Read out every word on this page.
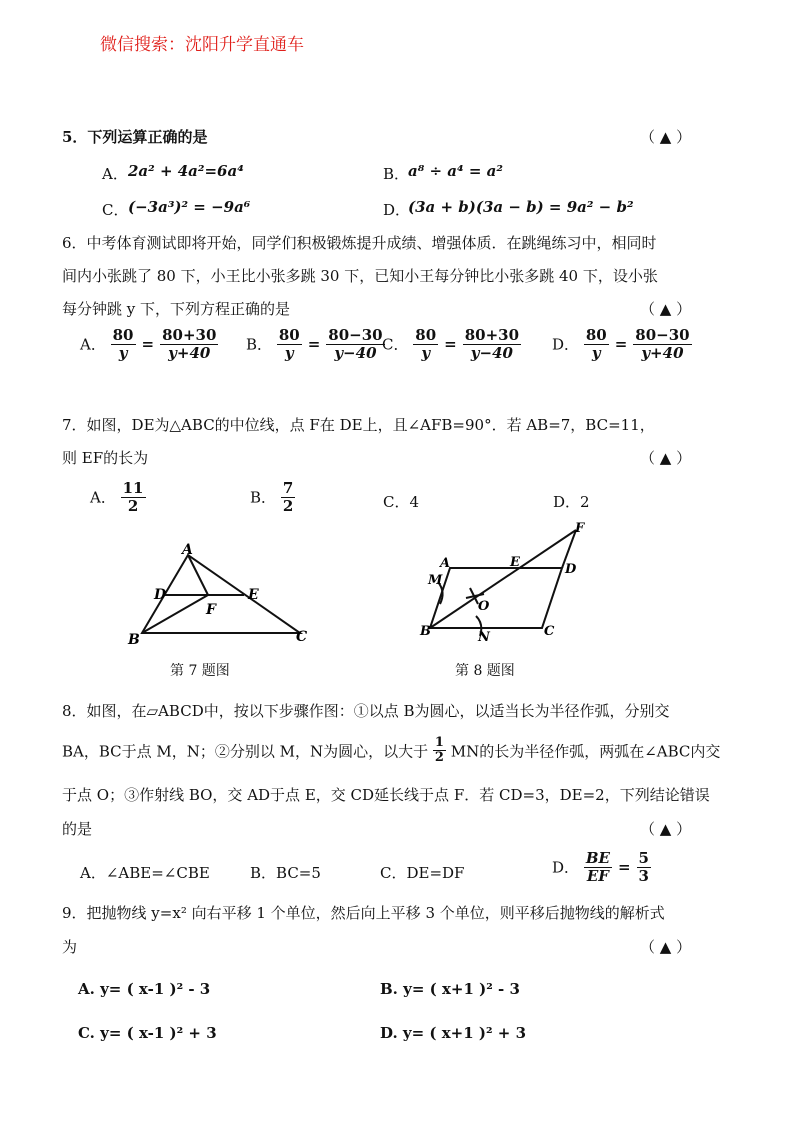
微信搜索：沈阳升学直通车
5．下列运算正确的是	（ ▲ ）
A． 2a² + 4a²=6a⁴	B．
a⁸ ÷ a⁴ = a²
C． (−3a³)² = −9a⁶	D．
(3a + b)(3a − b) = 9a² − b²
6．中考体育测试即将开始，同学们积极锻炼提升成绩、增强体质．在跳绳练习中，相同时
间内小张跳了 80 下，小王比小张多跳 30 下，已知小王每分钟比小张多跳 40 下，设小张
每分钟跳 y 下，下列方程正确的是	（ ▲ ）
A． $\frac{80}{y} = \frac{80+30}{y+40}$ B． $\frac{80}{y} = \frac{80-30}{y-40}$
C． $\frac{80}{y} = \frac{80+30}{y-40}$ D． $\frac{80}{y} = \frac{80-30}{y+40}$
7．如图，DE为△ABC的中位线，点 F在 DE上，且∠AFB=90°．若 AB=7，BC=11，
则 EF的长为	（ ▲ ）
A． $\frac{11}{2}$	B． $\frac{7}{2}$	C．4	D．2
A
D	E
F
B	C
第 7 题图
A
M
E	D
F
O
B	N	C
第 8 题图
8．如图，在▱ABCD中，按以下步骤作图：①以点 B为圆心，以适当长为半径作弧，分别交
BA，BC于点 M，N；②分别以 M，N为圆心，以大于 $\frac{1}{2}$ MN的长为半径作弧，两弧在∠ABC内交
于点 O；③作射线 BO，交 AD于点 E，交 CD延长线于点 F．若 CD=3，DE=2，下列结论错误
的是	（ ▲ ）
A．∠ABE=∠CBE	B．BC=5	C．DE=DF	D． $\frac{BE}{EF} = \frac{5}{3}$
9．把抛物线 y=x² 向右平移 1 个单位，然后向上平移 3 个单位，则平移后抛物线的解析式
为	（ ▲ ）
A. y= ( x-1 )² - 3	B. y= ( x+1 )² - 3
C. y= ( x-1 )² + 3	D. y= ( x+1 )² + 3
